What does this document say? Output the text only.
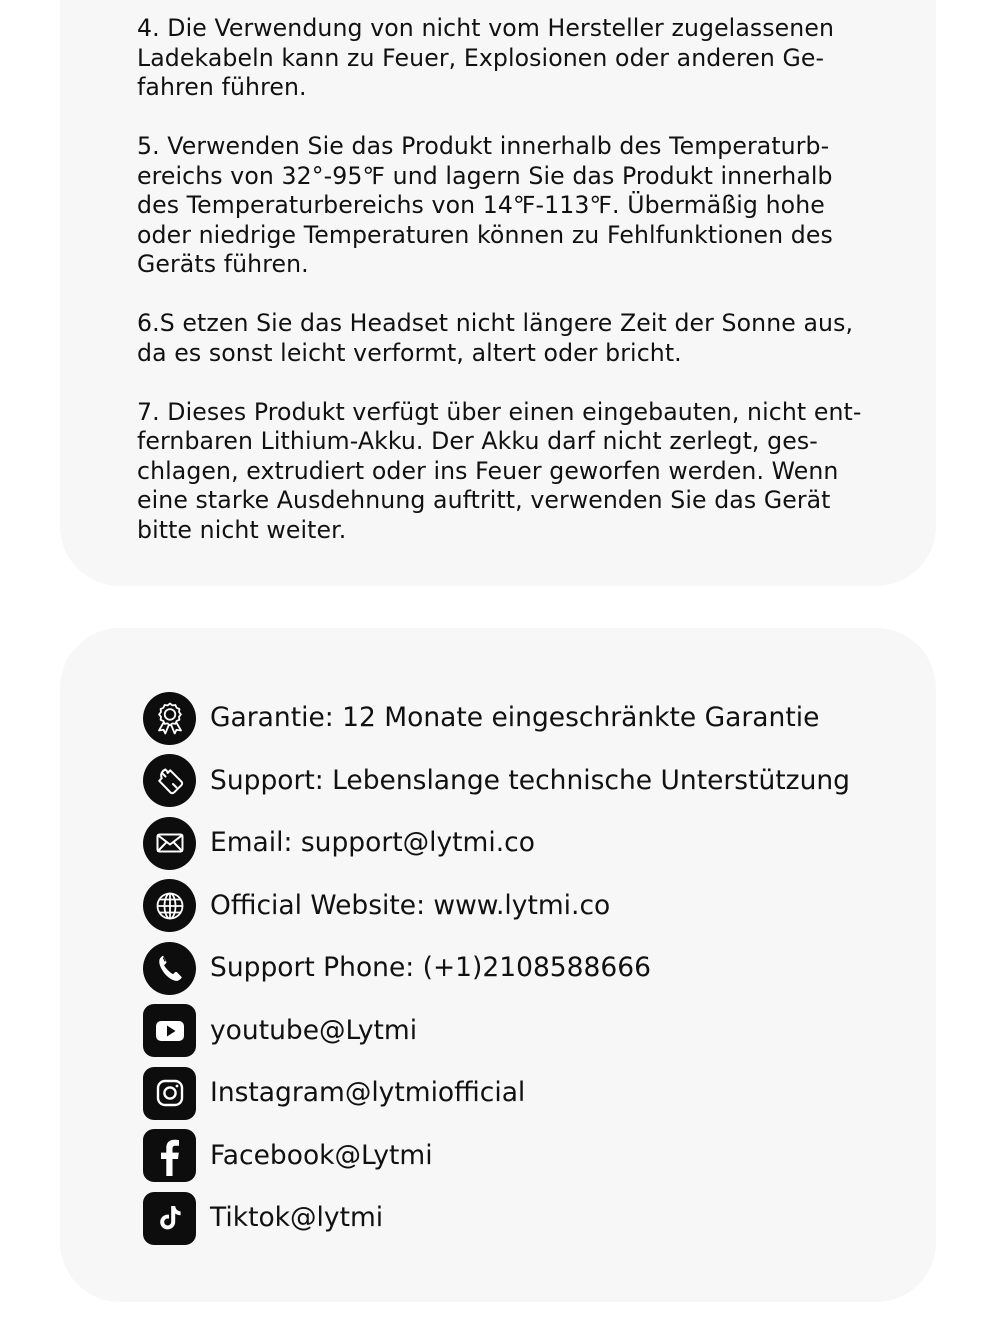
4. Die Verwendung von nicht vom Hersteller zugelassenen
Ladekabeln kann zu Feuer, Explosionen oder anderen Ge-
fahren führen.

5. Verwenden Sie das Produkt innerhalb des Temperaturb-
ereichs von 32°-95℉ und lagern Sie das Produkt innerhalb
des Temperaturbereichs von 14℉-113℉. Übermäßig hohe
oder niedrige Temperaturen können zu Fehlfunktionen des
Geräts führen.

6.S etzen Sie das Headset nicht längere Zeit der Sonne aus,
da es sonst leicht verformt, altert oder bricht.

7. Dieses Produkt verfügt über einen eingebauten, nicht ent-
fernbaren Lithium-Akku. Der Akku darf nicht zerlegt, ges-
chlagen, extrudiert oder ins Feuer geworfen werden. Wenn
eine starke Ausdehnung auftritt, verwenden Sie das Gerät
bitte nicht weiter.

Garantie: 12 Monate eingeschränkte Garantie
Support: Lebenslange technische Unterstützung
Email: support@lytmi.co
Official Website: www.lytmi.co
Support Phone: (+1)2108588666
youtube@Lytmi
Instagram@lytmiofficial
Facebook@Lytmi
Tiktok@lytmi
